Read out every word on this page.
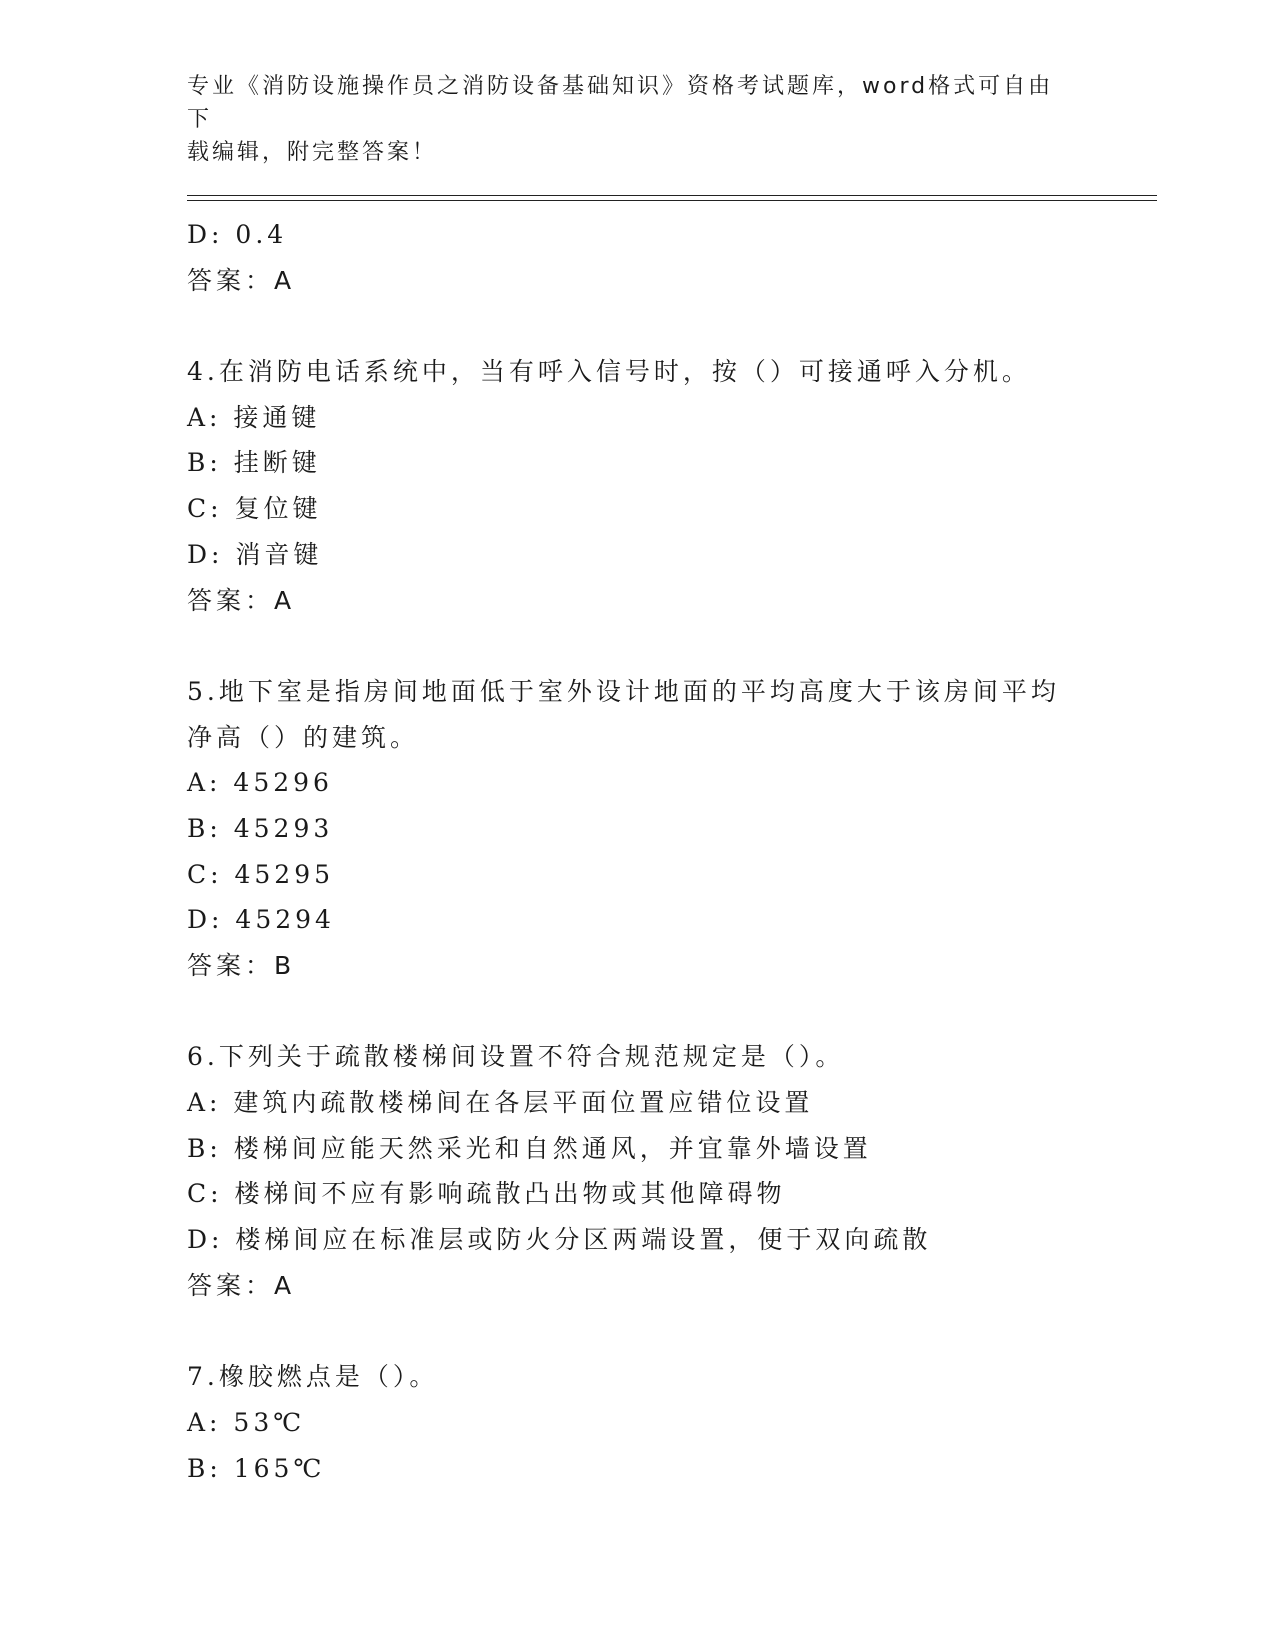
专业《消防设施操作员之消防设备基础知识》资格考试题库，word格式可自由下
载编辑，附完整答案！
D: 0.4
答案：A
4.在消防电话系统中，当有呼入信号时，按（）可接通呼入分机。
A: 接通键
B: 挂断键
C: 复位键
D: 消音键
答案：A
5.地下室是指房间地面低于室外设计地面的平均高度大于该房间平均
净高（）的建筑。
A: 45296
B: 45293
C: 45295
D: 45294
答案：B
6.下列关于疏散楼梯间设置不符合规范规定是（）。
A: 建筑内疏散楼梯间在各层平面位置应错位设置
B: 楼梯间应能天然采光和自然通风，并宜靠外墙设置
C: 楼梯间不应有影响疏散凸出物或其他障碍物
D: 楼梯间应在标准层或防火分区两端设置，便于双向疏散
答案：A
7.橡胶燃点是（）。
A: 53℃
B: 165℃
